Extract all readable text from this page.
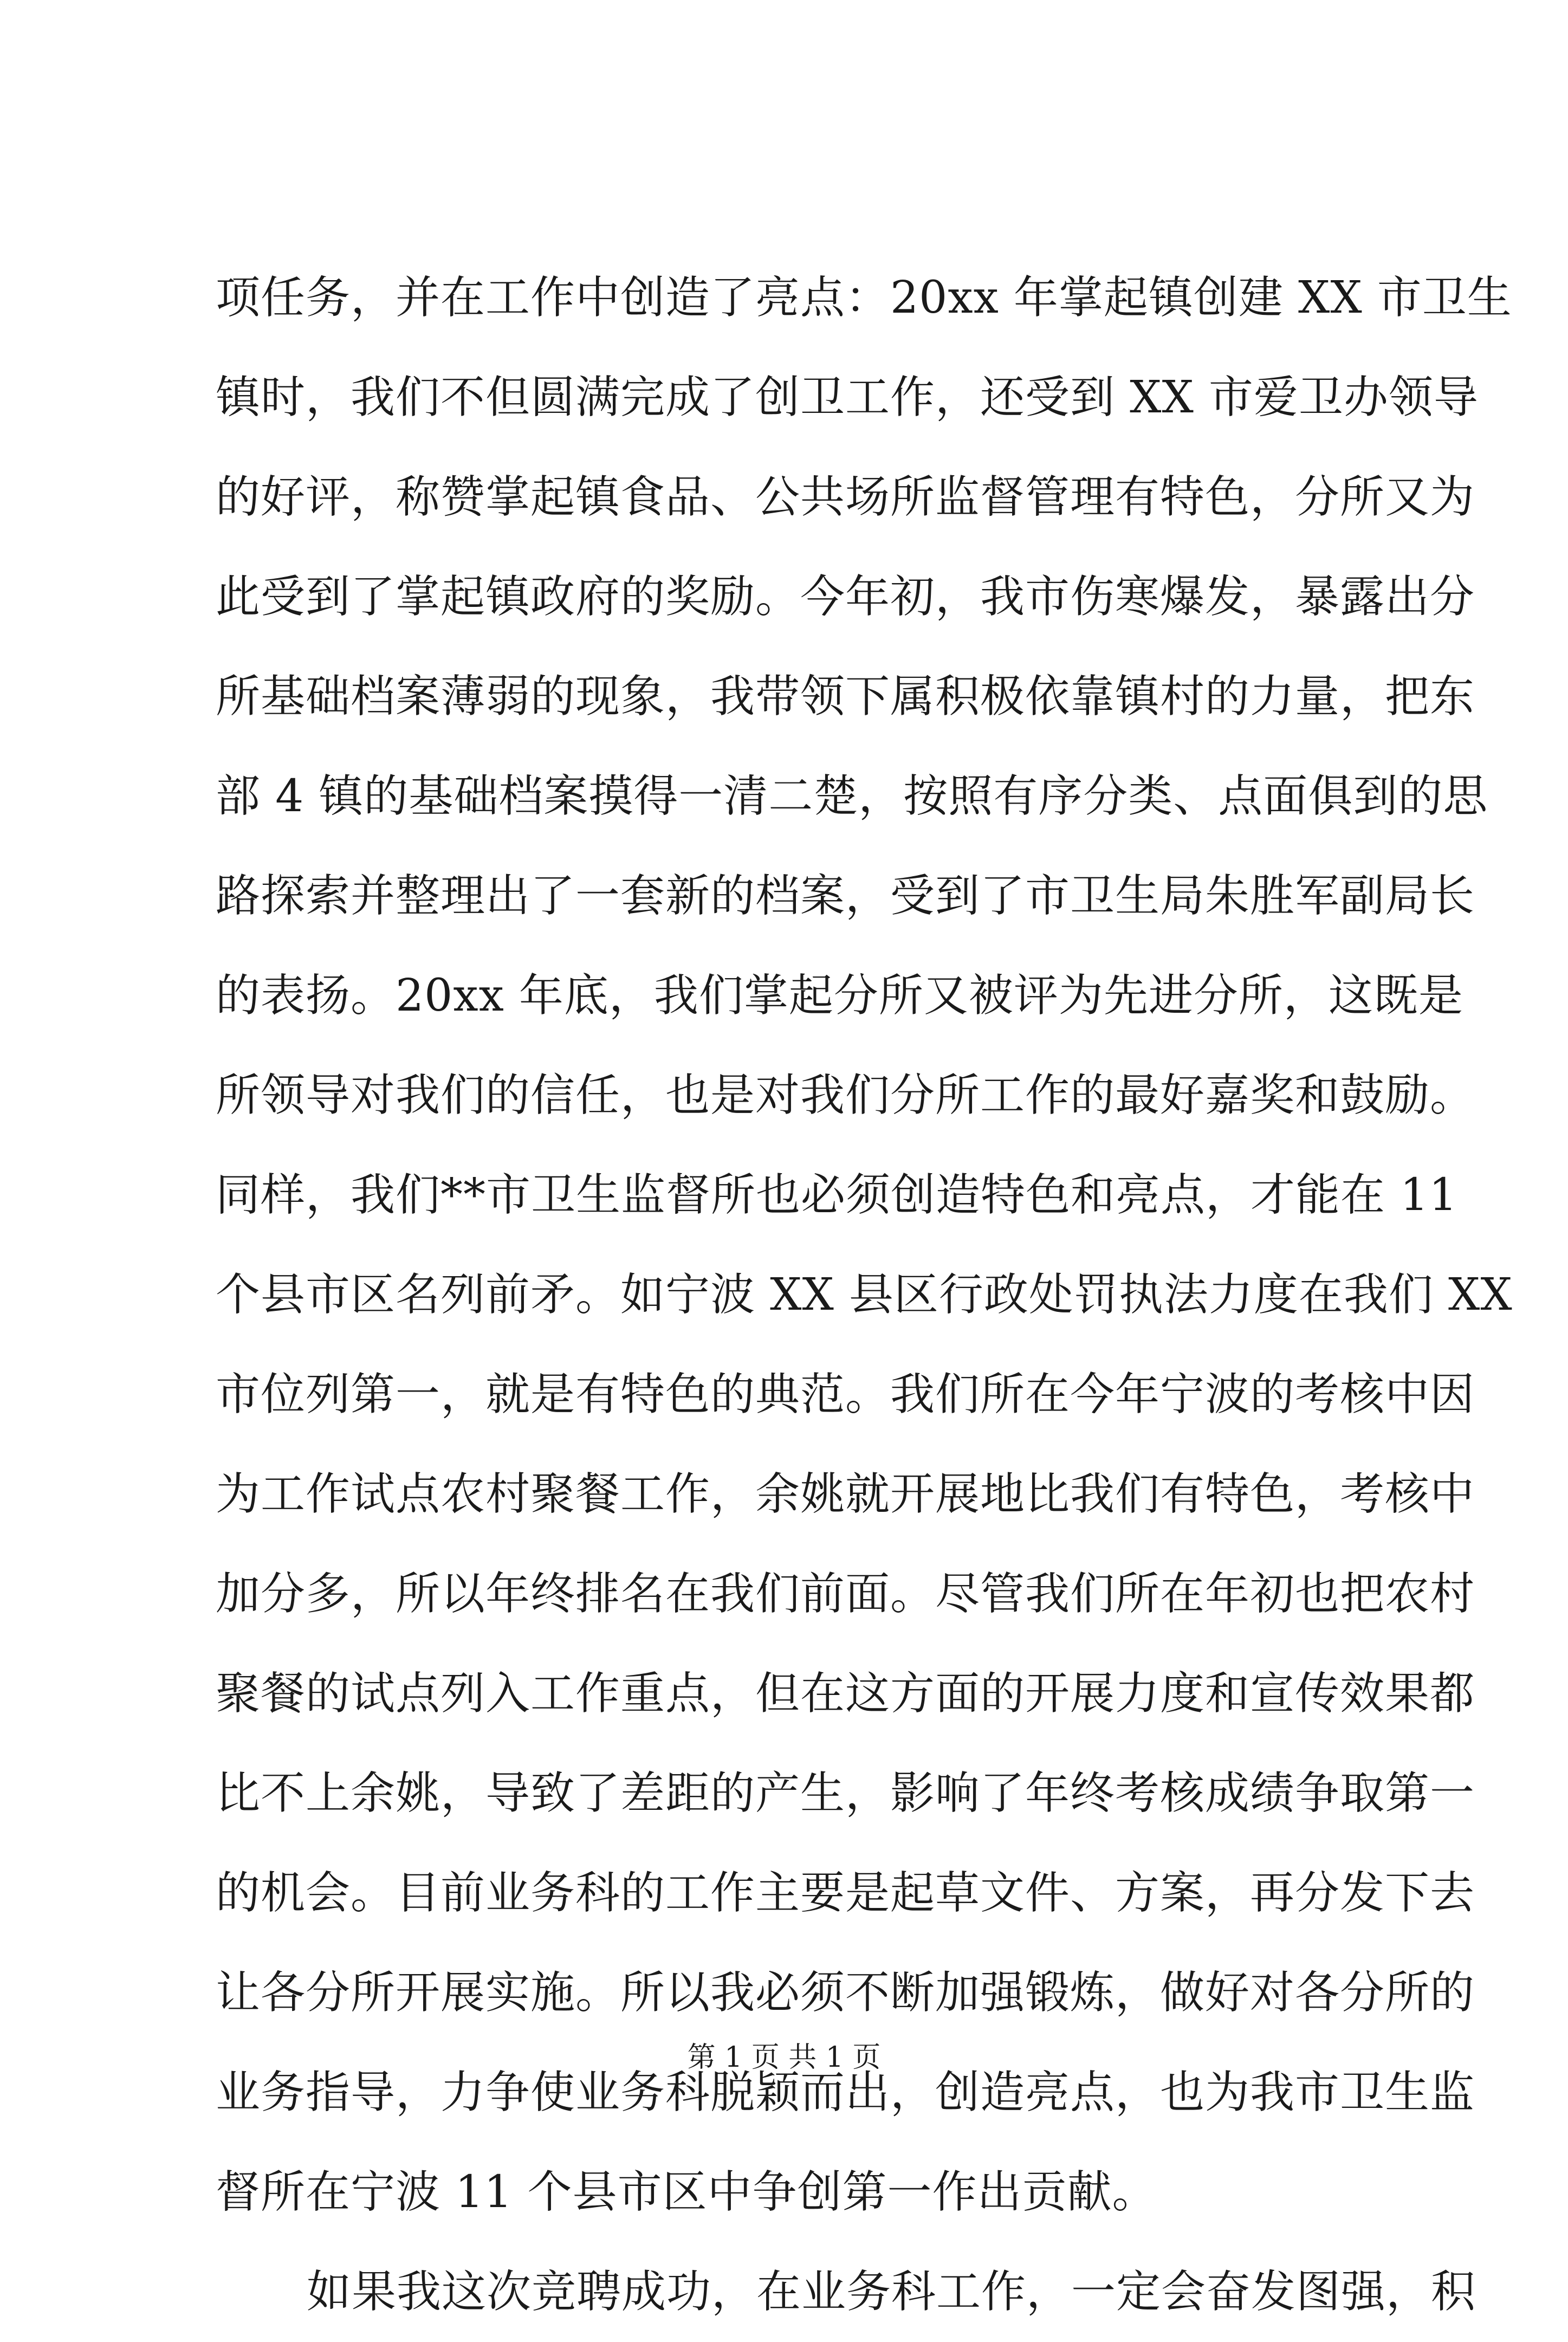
项任务，并在工作中创造了亮点：20xx 年掌起镇创建 XX 市卫生
镇时，我们不但圆满完成了创卫工作，还受到 XX 市爱卫办领导
的好评，称赞掌起镇食品、公共场所监督管理有特色，分所又为
此受到了掌起镇政府的奖励。今年初，我市伤寒爆发，暴露出分
所基础档案薄弱的现象，我带领下属积极依靠镇村的力量，把东
部 4 镇的基础档案摸得一清二楚，按照有序分类、点面俱到的思
路探索并整理出了一套新的档案，受到了市卫生局朱胜军副局长
的表扬。20xx 年底，我们掌起分所又被评为先进分所，这既是
所领导对我们的信任，也是对我们分所工作的最好嘉奖和鼓励。
同样，我们**市卫生监督所也必须创造特色和亮点，才能在 11
个县市区名列前矛。如宁波 XX 县区行政处罚执法力度在我们 XX
市位列第一，就是有特色的典范。我们所在今年宁波的考核中因
为工作试点农村聚餐工作，余姚就开展地比我们有特色，考核中
加分多，所以年终排名在我们前面。尽管我们所在年初也把农村
聚餐的试点列入工作重点，但在这方面的开展力度和宣传效果都
比不上余姚，导致了差距的产生，影响了年终考核成绩争取第一
的机会。目前业务科的工作主要是起草文件、方案，再分发下去
让各分所开展实施。所以我必须不断加强锻炼，做好对各分所的
业务指导，力争使业务科脱颖而出，创造亮点，也为我市卫生监
督所在宁波 11 个县市区中争创第一作出贡献。
如果我这次竞聘成功，在业务科工作，一定会奋发图强，积
第 1 页 共 1 页
